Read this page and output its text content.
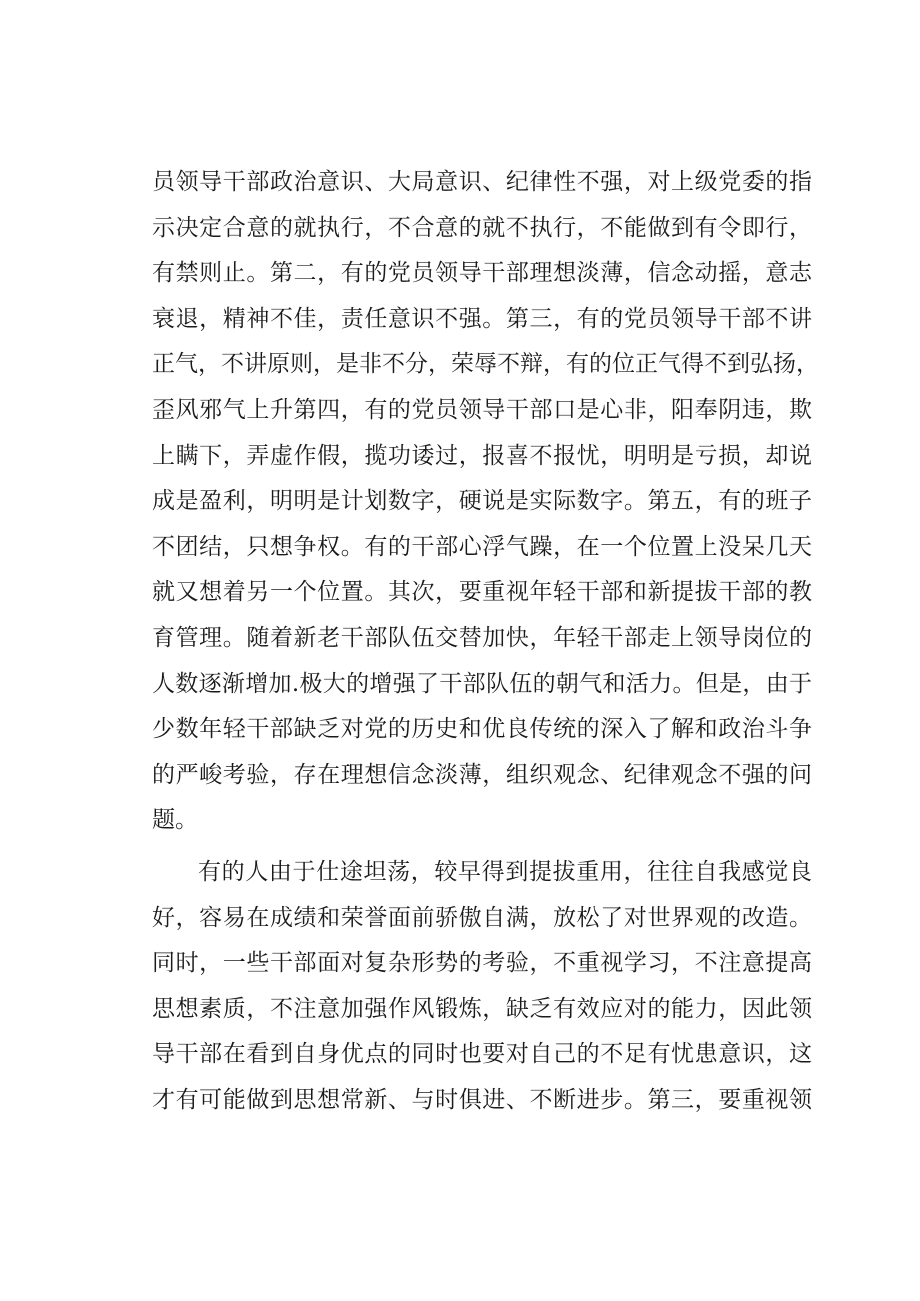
员领导干部政治意识、大局意识、纪律性不强，对上级党委的指
示决定合意的就执行，不合意的就不执行，不能做到有令即行，
有禁则止。第二，有的党员领导干部理想淡薄，信念动摇，意志
衰退，精神不佳，责任意识不强。第三，有的党员领导干部不讲
正气，不讲原则，是非不分，荣辱不辩，有的位正气得不到弘扬，
歪风邪气上升第四，有的党员领导干部口是心非，阳奉阴违，欺
上瞒下，弄虚作假，揽功诿过，报喜不报忧，明明是亏损，却说
成是盈利，明明是计划数字，硬说是实际数字。第五，有的班子
不团结，只想争权。有的干部心浮气躁，在一个位置上没呆几天
就又想着另一个位置。其次，要重视年轻干部和新提拔干部的教
育管理。随着新老干部队伍交替加快，年轻干部走上领导岗位的
人数逐渐增加.极大的增强了干部队伍的朝气和活力。但是，由于
少数年轻干部缺乏对党的历史和优良传统的深入了解和政治斗争
的严峻考验，存在理想信念淡薄，组织观念、纪律观念不强的问
题。
有的人由于仕途坦荡，较早得到提拔重用，往往自我感觉良
好，容易在成绩和荣誉面前骄傲自满，放松了对世界观的改造。
同时，一些干部面对复杂形势的考验，不重视学习，不注意提高
思想素质，不注意加强作风锻炼，缺乏有效应对的能力，因此领
导干部在看到自身优点的同时也要对自己的不足有忧患意识，这
才有可能做到思想常新、与时俱进、不断进步。第三，要重视领
